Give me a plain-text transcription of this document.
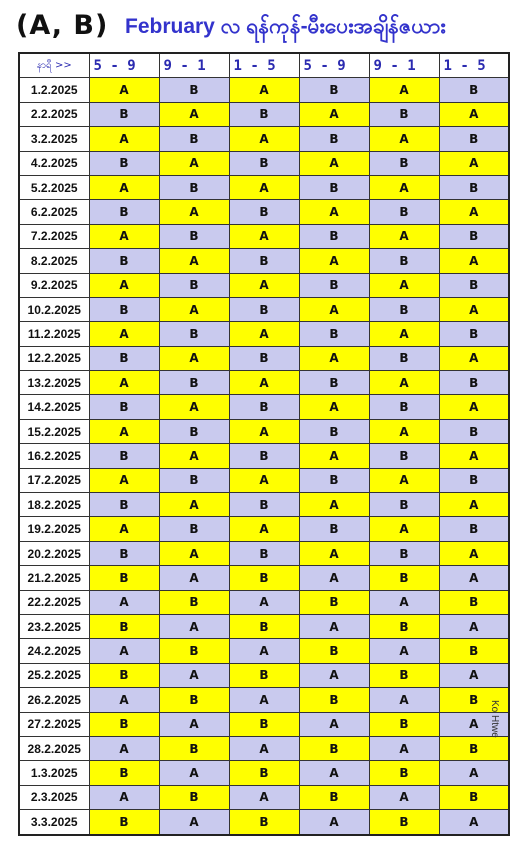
(A, B) February လ ရန်ကုန်-မီးပေးအချိန်ဇယား
နာရီ >>	5 - 9	9 - 1	1 - 5	5 - 9	9 - 1	1 - 5
1.2.2025	A	B	A	B	A	B
2.2.2025	B	A	B	A	B	A
3.2.2025	A	B	A	B	A	B
4.2.2025	B	A	B	A	B	A
5.2.2025	A	B	A	B	A	B
6.2.2025	B	A	B	A	B	A
7.2.2025	A	B	A	B	A	B
8.2.2025	B	A	B	A	B	A
9.2.2025	A	B	A	B	A	B
10.2.2025	B	A	B	A	B	A
11.2.2025	A	B	A	B	A	B
12.2.2025	B	A	B	A	B	A
13.2.2025	A	B	A	B	A	B
14.2.2025	B	A	B	A	B	A
15.2.2025	A	B	A	B	A	B
16.2.2025	B	A	B	A	B	A
17.2.2025	A	B	A	B	A	B
18.2.2025	B	A	B	A	B	A
19.2.2025	A	B	A	B	A	B
20.2.2025	B	A	B	A	B	A
21.2.2025	B	A	B	A	B	A
22.2.2025	A	B	A	B	A	B
23.2.2025	B	A	B	A	B	A
24.2.2025	A	B	A	B	A	B
25.2.2025	B	A	B	A	B	A
26.2.2025	A	B	A	B	A	B
27.2.2025	B	A	B	A	B	A
28.2.2025	A	B	A	B	A	B
1.3.2025	B	A	B	A	B	A
2.3.2025	A	B	A	B	A	B
3.3.2025	B	A	B	A	B	A
Ko Htwe
